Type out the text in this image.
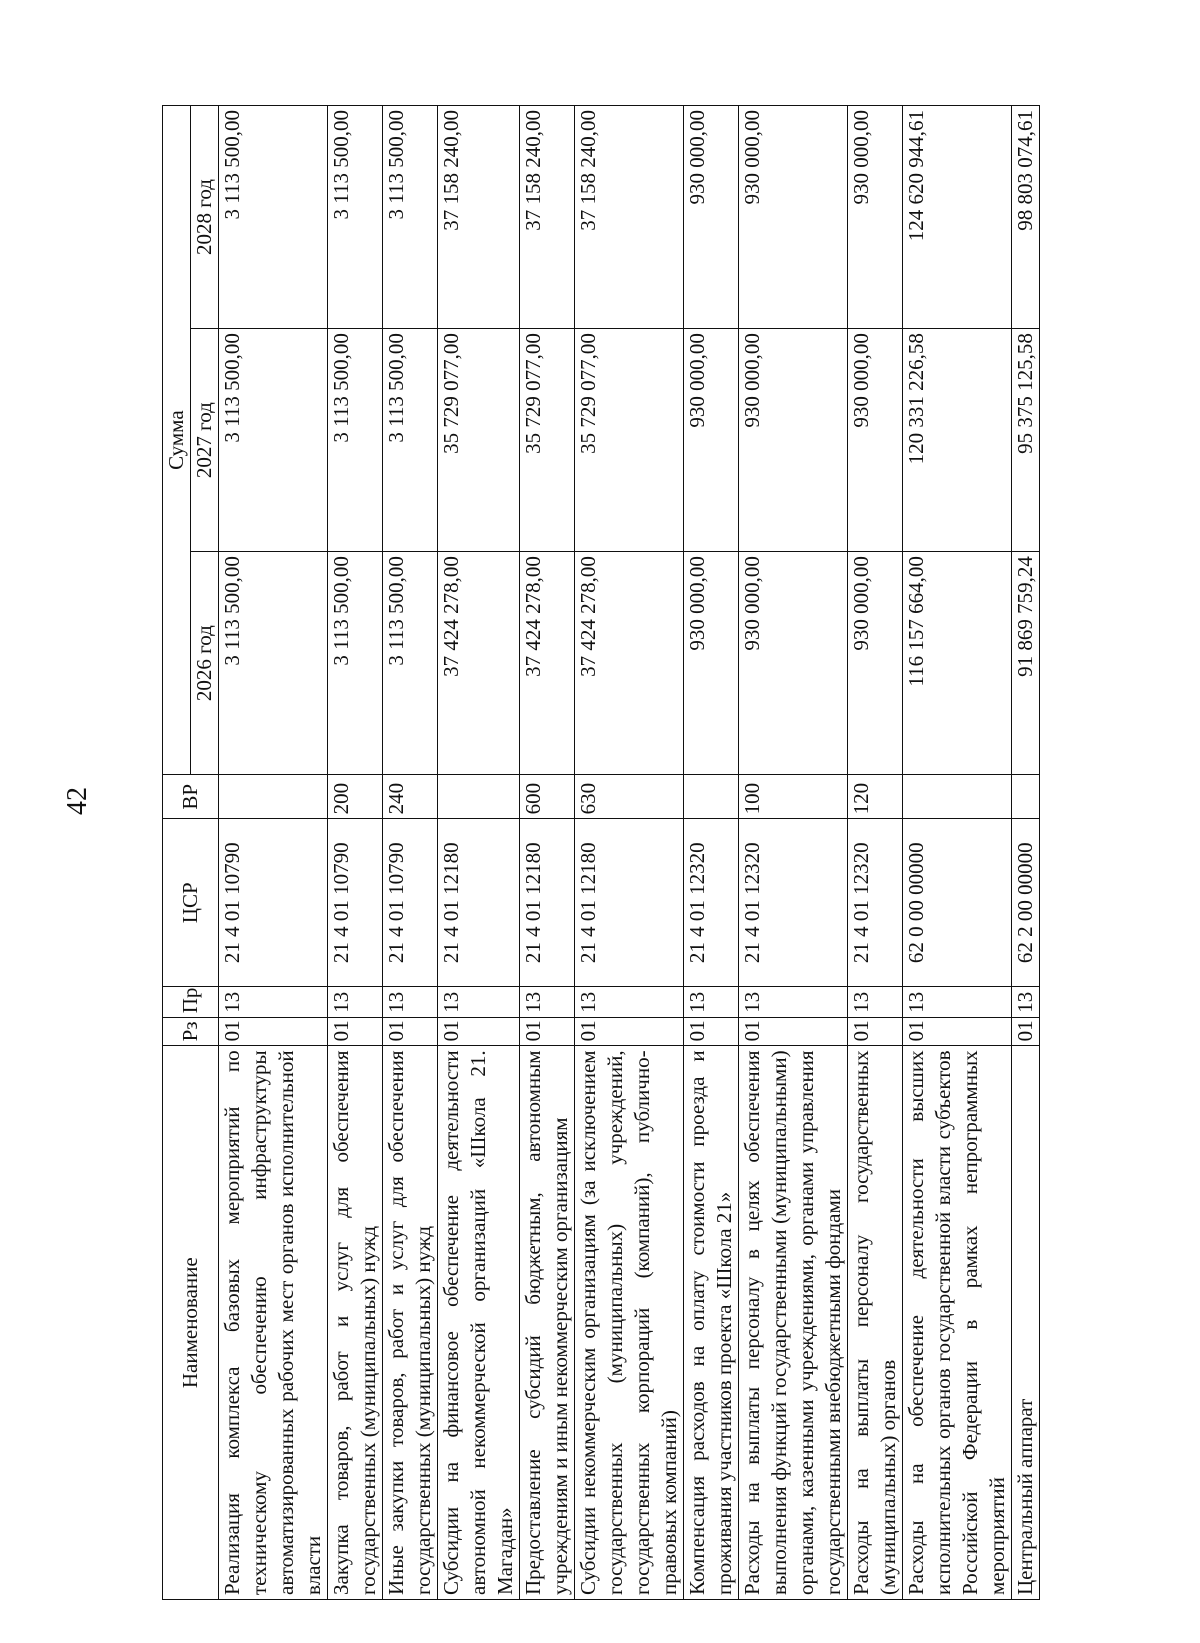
42
Наименование	Рз	Пр	ЦСР	ВР	Сумма		
					2026 год	2027 год	2028 год
Реализация комплекса базовых мероприятий по техническому обеспечению инфраструктуры автоматизированных рабочих мест органов исполнительной власти	01	13	21 4 01 10790		3 113 500,00	3 113 500,00	3 113 500,00
Закупка товаров, работ и услуг для обеспечения государственных (муниципальных) нужд	01	13	21 4 01 10790	200	3 113 500,00	3 113 500,00	3 113 500,00
Иные закупки товаров, работ и услуг для обеспечения государственных (муниципальных) нужд	01	13	21 4 01 10790	240	3 113 500,00	3 113 500,00	3 113 500,00
Субсидии на финансовое обеспечение деятельности автономной некоммерческой организаций «Школа 21. Магадан»	01	13	21 4 01 12180		37 424 278,00	35 729 077,00	37 158 240,00
Предоставление субсидий бюджетным, автономным учреждениям и иным некоммерческим организациям	01	13	21 4 01 12180	600	37 424 278,00	35 729 077,00	37 158 240,00
Субсидии некоммерческим организациям (за исключением государственных (муниципальных) учреждений, государственных корпораций (компаний), публично-правовых компаний)	01	13	21 4 01 12180	630	37 424 278,00	35 729 077,00	37 158 240,00
Компенсация расходов на оплату стоимости проезда и проживания участников проекта «Школа 21»	01	13	21 4 01 12320		930 000,00	930 000,00	930 000,00
Расходы на выплаты персоналу в целях обеспечения выполнения функций государственными (муниципальными) органами, казенными учреждениями, органами управления государственными внебюджетными фондами	01	13	21 4 01 12320	100	930 000,00	930 000,00	930 000,00
Расходы на выплаты персоналу государственных (муниципальных) органов	01	13	21 4 01 12320	120	930 000,00	930 000,00	930 000,00
Расходы на обеспечение деятельности высших исполнительных органов государственной власти субъектов Российской Федерации в рамках непрограммных мероприятий	01	13	62 0 00 00000		116 157 664,00	120 331 226,58	124 620 944,61
Центральный аппарат	01	13	62 2 00 00000		91 869 759,24	95 375 125,58	98 803 074,61
